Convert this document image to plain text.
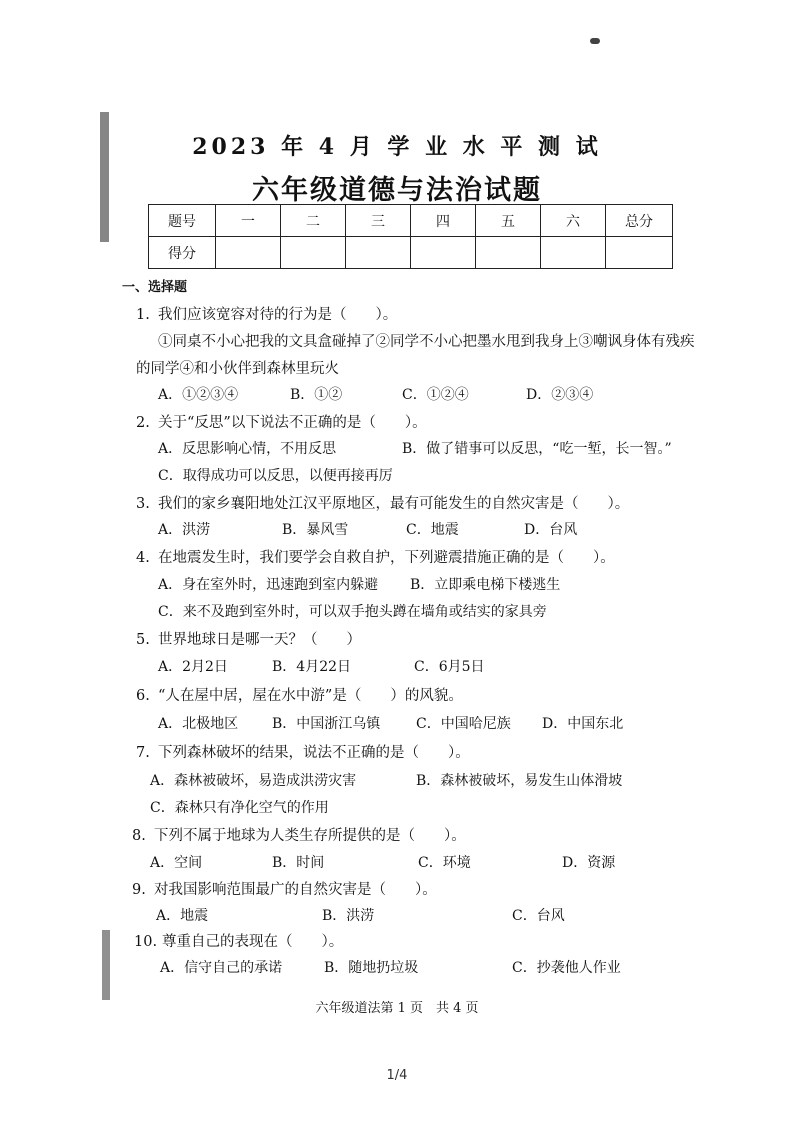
2023 年 4 月 学 业 水 平 测 试
六年级道德与法治试题
题号	一	二	三	四	五	六	总分
得分							
一、选择题
1. 我们应该宽容对待的行为是（　　）。
①同桌不小心把我的文具盒碰掉了②同学不小心把墨水甩到我身上③嘲讽身体有残疾
的同学④和小伙伴到森林里玩火
A．①②③④	B．①②	C．①②④	D．②③④
2. 关于“反思”以下说法不正确的是（　　）。
A．反思影响心情，不用反思	B．做了错事可以反思，“吃一堑，长一智。”
C．取得成功可以反思，以便再接再厉
3. 我们的家乡襄阳地处江汉平原地区，最有可能发生的自然灾害是（　　）。
A．洪涝	B．暴风雪	C．地震	D．台风
4. 在地震发生时，我们要学会自救自护，下列避震措施正确的是（　　）。
A．身在室外时，迅速跑到室内躲避 B．立即乘电梯下楼逃生
C．来不及跑到室外时，可以双手抱头蹲在墙角或结实的家具旁
5. 世界地球日是哪一天？（　　）
A．2月2日	B．4月22日	C．6月5日
6. “人在屋中居，屋在水中游”是（　　）的风貌。
A．北极地区 B．中国浙江乌镇	C．中国哈尼族 D．中国东北
7. 下列森林破坏的结果，说法不正确的是（　　）。
A．森林被破坏，易造成洪涝灾害	B．森林被破坏，易发生山体滑坡
C．森林只有净化空气的作用
8. 下列不属于地球为人类生存所提供的是（　　）。
A．空间	B．时间	C．环境	D．资源
9. 对我国影响范围最广的自然灾害是（　　）。
A．地震	B．洪涝	C．台风
10. 尊重自己的表现在（　　）。
A．信守自己的承诺	B．随地扔垃圾	C．抄袭他人作业
六年级道法第 1 页　共 4 页
1/4
